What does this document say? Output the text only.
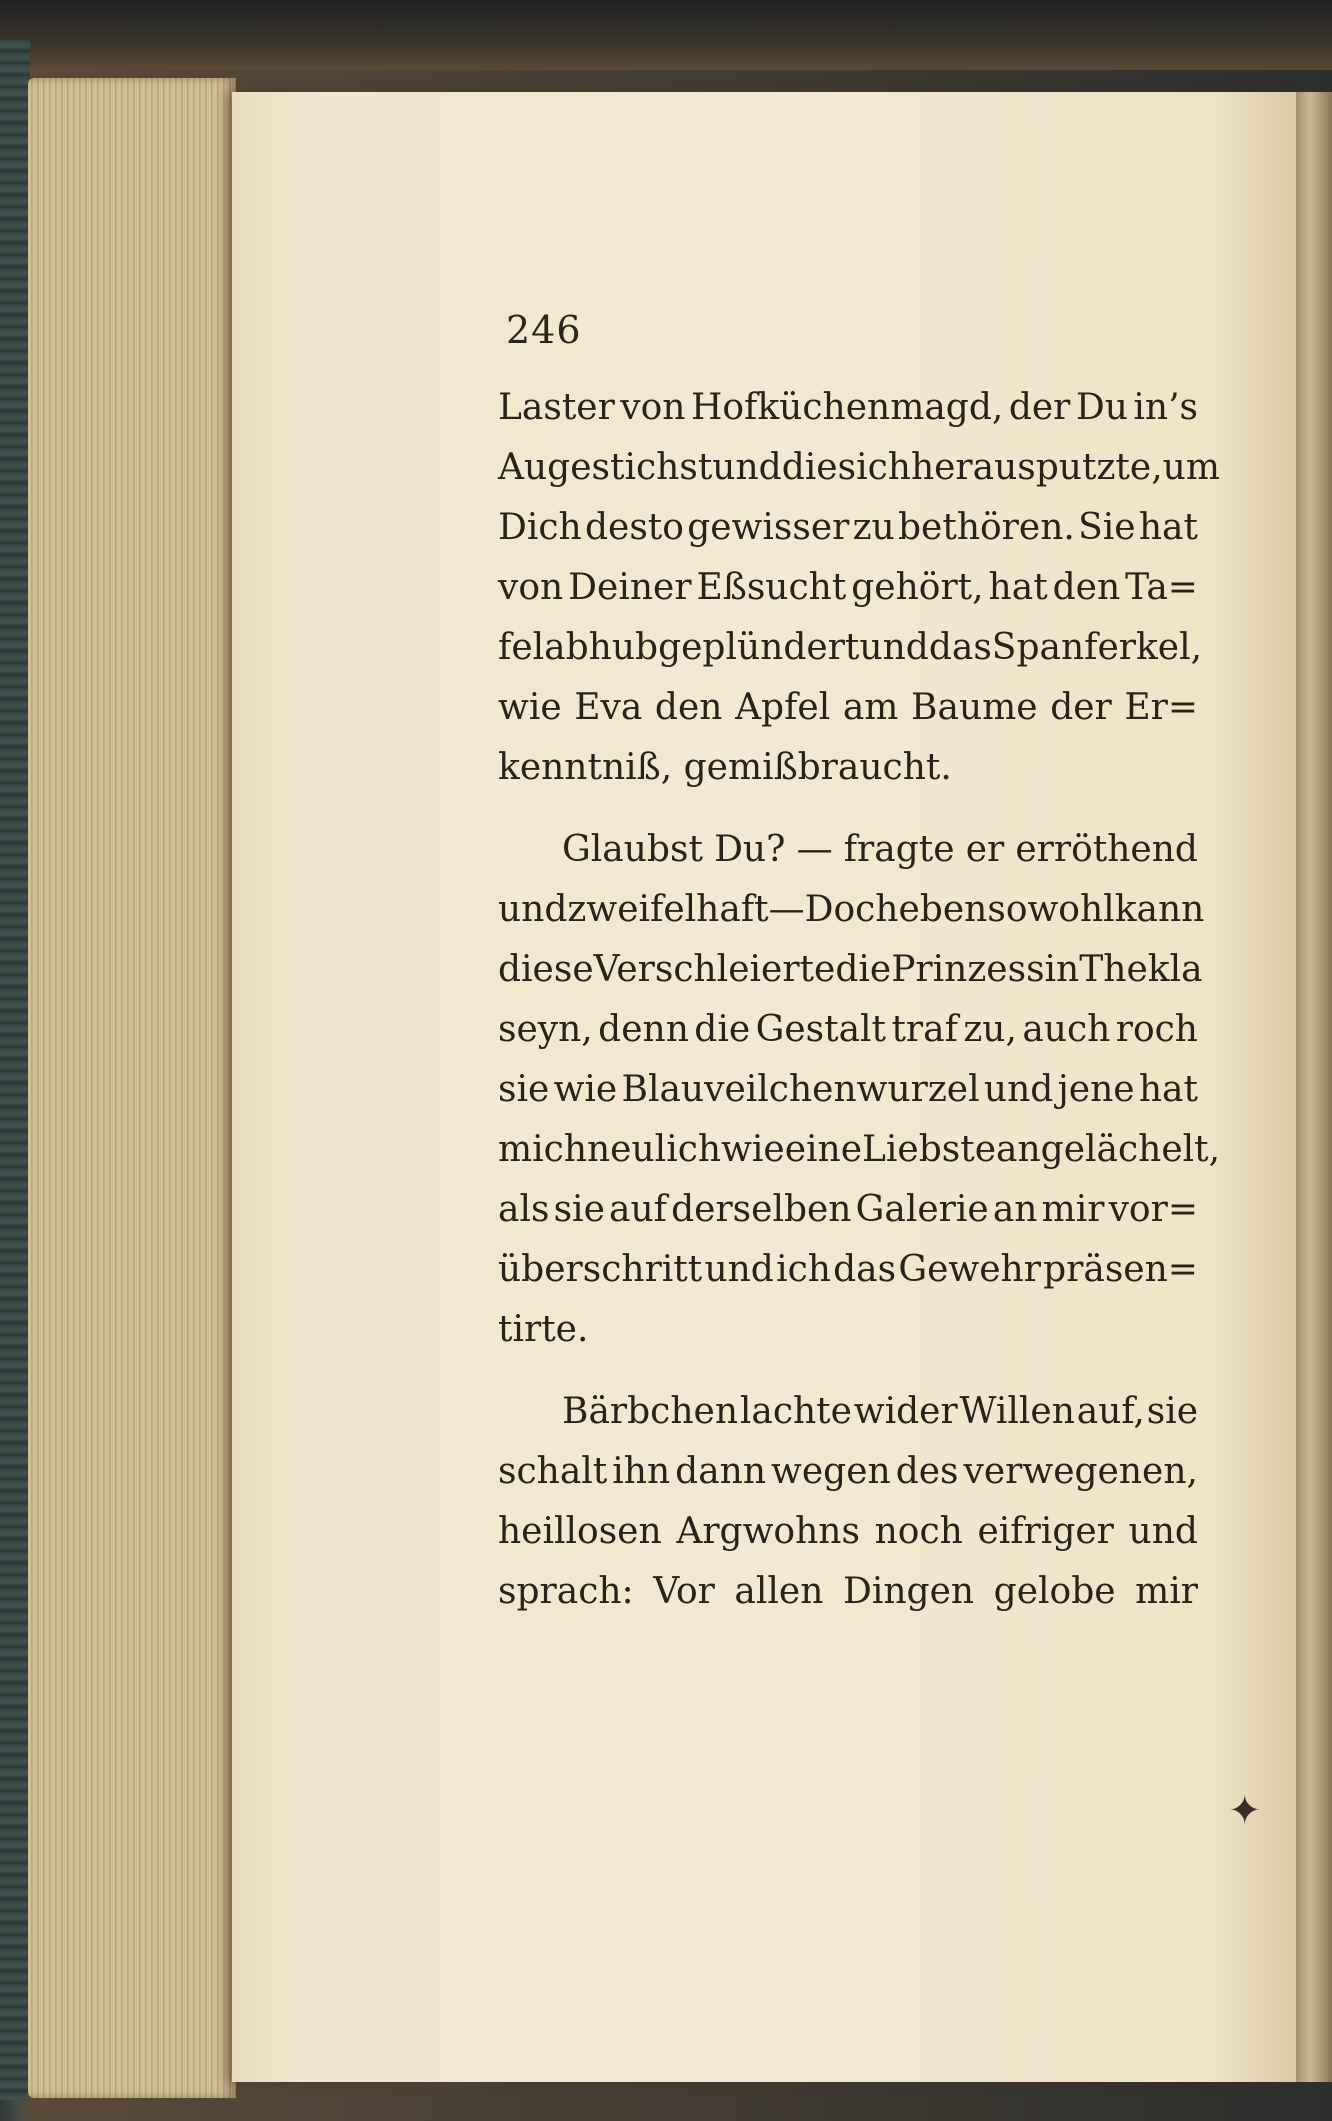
✦
246
Laster von Hofküchenmagd, der Du in’s
Auge stichst und die sich herausputzte, um
Dich desto gewisser zu bethören. Sie hat
von Deiner Eßsucht gehört, hat den Ta=
felabhub geplündert und das Spanferkel,
wie Eva den Apfel am Baume der Er=
kenntniß, gemißbraucht.
Glaubst Du? — fragte er erröthend
und zweifelhaft — Doch eben sowohl kann
diese Verschleierte die Prinzessin Thekla
seyn, denn die Gestalt traf zu, auch roch
sie wie Blauveilchenwurzel und jene hat
mich neulich wie eine Liebste angelächelt,
als sie auf derselben Galerie an mir vor=
überschritt und ich das Gewehr präsen=
tirte.
Bärbchen lachte wider Willen auf, sie
schalt ihn dann wegen des verwegenen,
heillosen Argwohns noch eifriger und
sprach: Vor allen Dingen gelobe mir
